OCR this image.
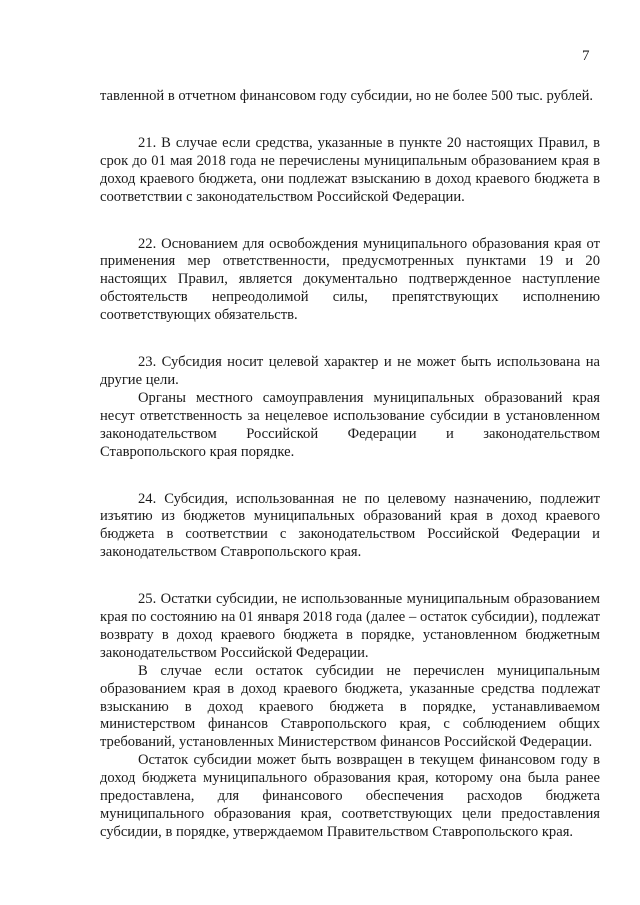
7

тавленной в отчетном финансовом году субсидии, но не более 500 тыс. рублей.

21. В случае если средства, указанные в пункте 20 настоящих Правил, в срок до 01 мая 2018 года не перечислены муниципальным образованием края в доход краевого бюджета, они подлежат взысканию в доход краевого бюджета в соответствии с законодательством Российской Федерации.

22. Основанием для освобождения муниципального образования края от применения мер ответственности, предусмотренных пунктами 19 и 20 настоящих Правил, является документально подтвержденное наступление обстоятельств непреодолимой силы, препятствующих исполнению соответствующих обязательств.

23. Субсидия носит целевой характер и не может быть использована на другие цели.

Органы местного самоуправления муниципальных образований края несут ответственность за нецелевое использование субсидии в установленном законодательством Российской Федерации и законодательством Ставропольского края порядке.

24. Субсидия, использованная не по целевому назначению, подлежит изъятию из бюджетов муниципальных образований края в доход краевого бюджета в соответствии с законодательством Российской Федерации и законодательством Ставропольского края.

25. Остатки субсидии, не использованные муниципальным образованием края по состоянию на 01 января 2018 года (далее – остаток субсидии), подлежат возврату в доход краевого бюджета в порядке, установленном бюджетным законодательством Российской Федерации.

В случае если остаток субсидии не перечислен муниципальным образованием края в доход краевого бюджета, указанные средства подлежат взысканию в доход краевого бюджета в порядке, устанавливаемом министерством финансов Ставропольского края, с соблюдением общих требований, установленных Министерством финансов Российской Федерации.

Остаток субсидии может быть возвращен в текущем финансовом году в доход бюджета муниципального образования края, которому она была ранее предоставлена, для финансового обеспечения расходов бюджета муниципального образования края, соответствующих цели предоставления субсидии, в порядке, утверждаемом Правительством Ставропольского края.
